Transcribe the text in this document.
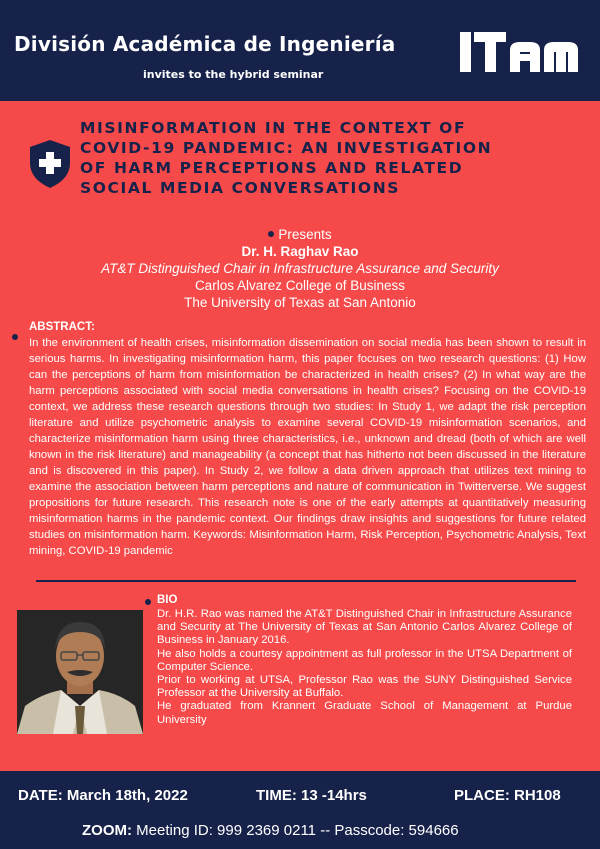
División Académica de Ingeniería
invites to the hybrid seminar
MISINFORMATION IN THE CONTEXT OF
COVID-19 PANDEMIC: AN INVESTIGATION
OF HARM PERCEPTIONS AND RELATED
SOCIAL MEDIA CONVERSATIONS
Presents
Dr. H. Raghav Rao
AT&T Distinguished Chair in Infrastructure Assurance and Security
Carlos Alvarez College of Business
The University of Texas at San Antonio
ABSTRACT:
In the environment of health crises, misinformation dissemination on social media has been shown to result in serious harms. In investigating misinformation harm, this paper focuses on two research questions: (1) How can the perceptions of harm from misinformation be characterized in health crises? (2) In what way are the harm perceptions associated with social media conversations in health crises? Focusing on the COVID-19 context, we address these research questions through two studies: In Study 1, we adapt the risk perception literature and utilize psychometric analysis to examine several COVID-19 misinformation scenarios, and characterize misinformation harm using three characteristics, i.e., unknown and dread (both of which are well known in the risk literature) and manageability (a concept that has hitherto not been discussed in the literature and is discovered in this paper). In Study 2, we follow a data driven approach that utilizes text mining to examine the association between harm perceptions and nature of communication in Twitterverse. We suggest propositions for future research. This research note is one of the early attempts at quantitatively measuring misinformation harms in the pandemic context. Our findings draw insights and suggestions for future related studies on misinformation harm. Keywords: Misinformation Harm, Risk Perception, Psychometric Analysis, Text mining, COVID-19 pandemic
BIO

Dr. H.R. Rao was named the AT&T Distinguished Chair in Infrastructure Assurance and Security at The University of Texas at San Antonio Carlos Alvarez College of Business in January 2016.

He also holds a courtesy appointment as full professor in the UTSA Department of Computer Science.

Prior to working at UTSA, Professor Rao was the SUNY Distinguished Service Professor at the University at Buffalo.

He graduated from Krannert Graduate School of Management at Purdue University

DATE: March 18th, 2022	TIME: 13 -14hrs	PLACE: RH108
ZOOM: Meeting ID: 999 2369 0211 -- Passcode: 594666
